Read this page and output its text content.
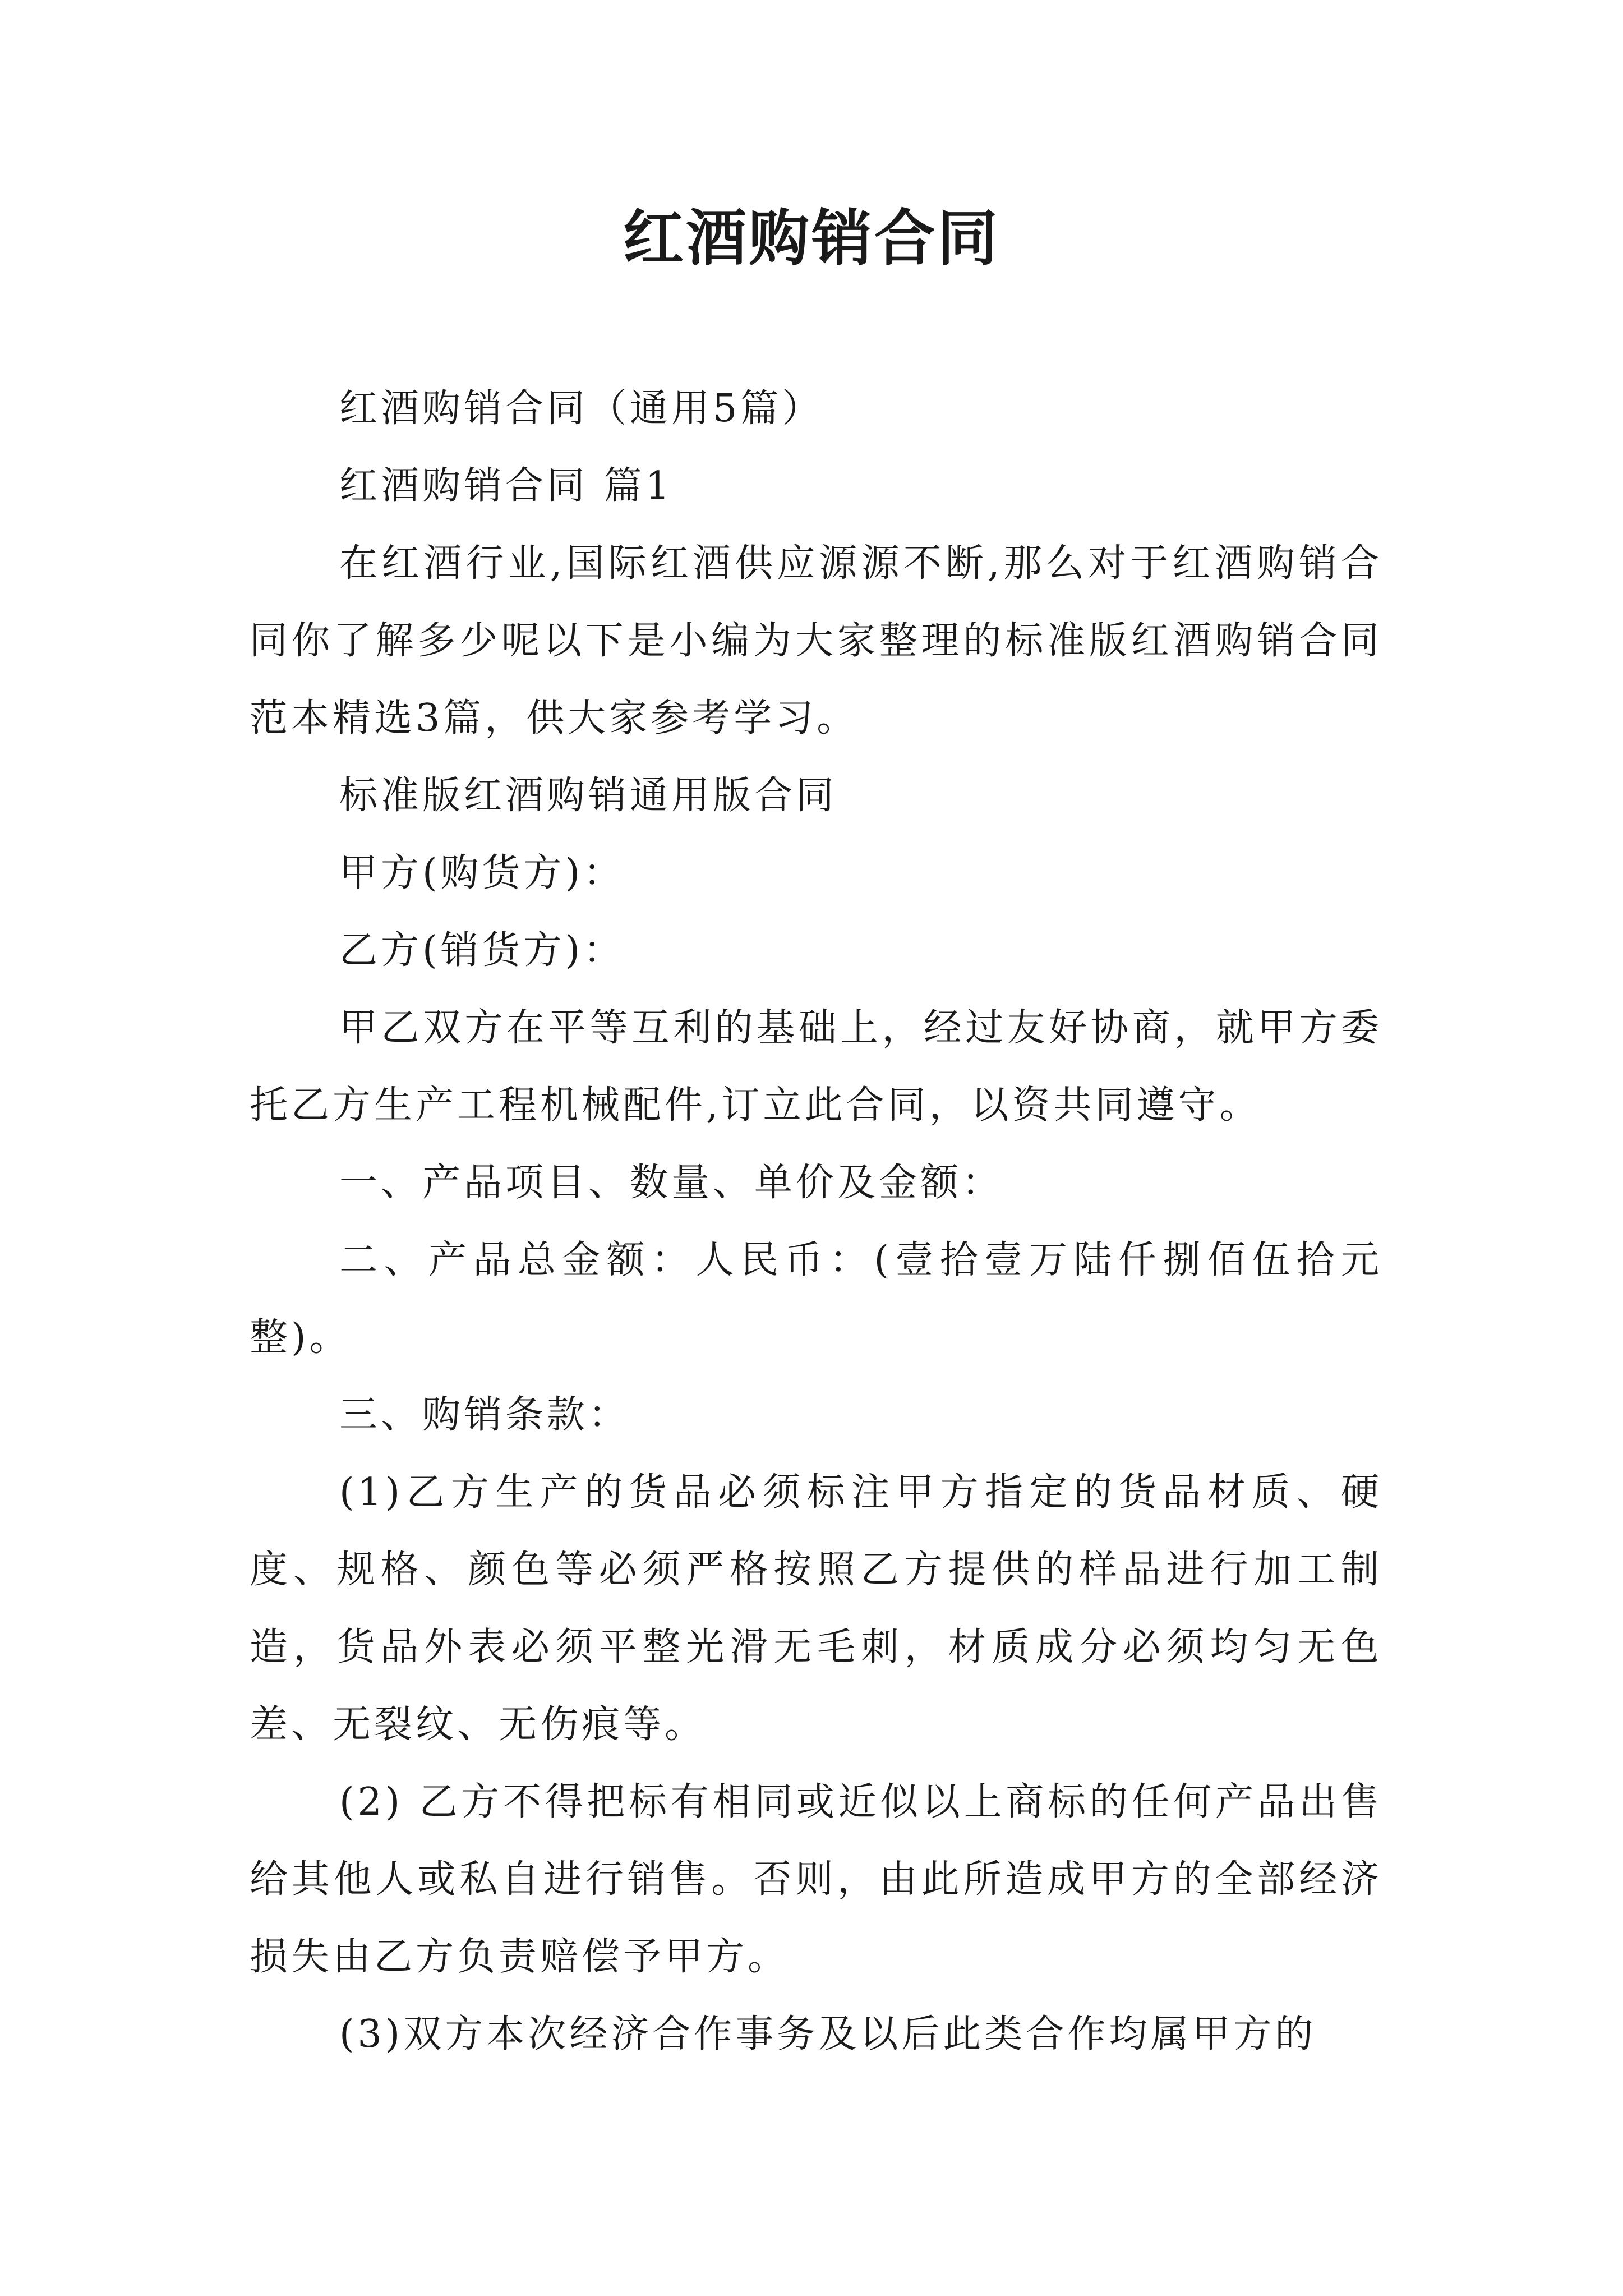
红酒购销合同

红酒购销合同（通用5篇）

红酒购销合同 篇1

在红酒行业,国际红酒供应源源不断,那么对于红酒购销合同你了解多少呢以下是小编为大家整理的标准版红酒购销合同范本精选3篇，供大家参考学习。

标准版红酒购销通用版合同

甲方(购货方)：

乙方(销货方)：

甲乙双方在平等互利的基础上，经过友好协商，就甲方委托乙方生产工程机械配件,订立此合同，以资共同遵守。

一、产品项目、数量、单价及金额：

二、产品总金额：人民币：(壹拾壹万陆仟捌佰伍拾元整)。

三、购销条款：

(1)乙方生产的货品必须标注甲方指定的货品材质、硬度、规格、颜色等必须严格按照乙方提供的样品进行加工制造，货品外表必须平整光滑无毛刺，材质成分必须均匀无色差、无裂纹、无伤痕等。

(2) 乙方不得把标有相同或近似以上商标的任何产品出售给其他人或私自进行销售。否则，由此所造成甲方的全部经济损失由乙方负责赔偿予甲方。

(3)双方本次经济合作事务及以后此类合作均属甲方的
